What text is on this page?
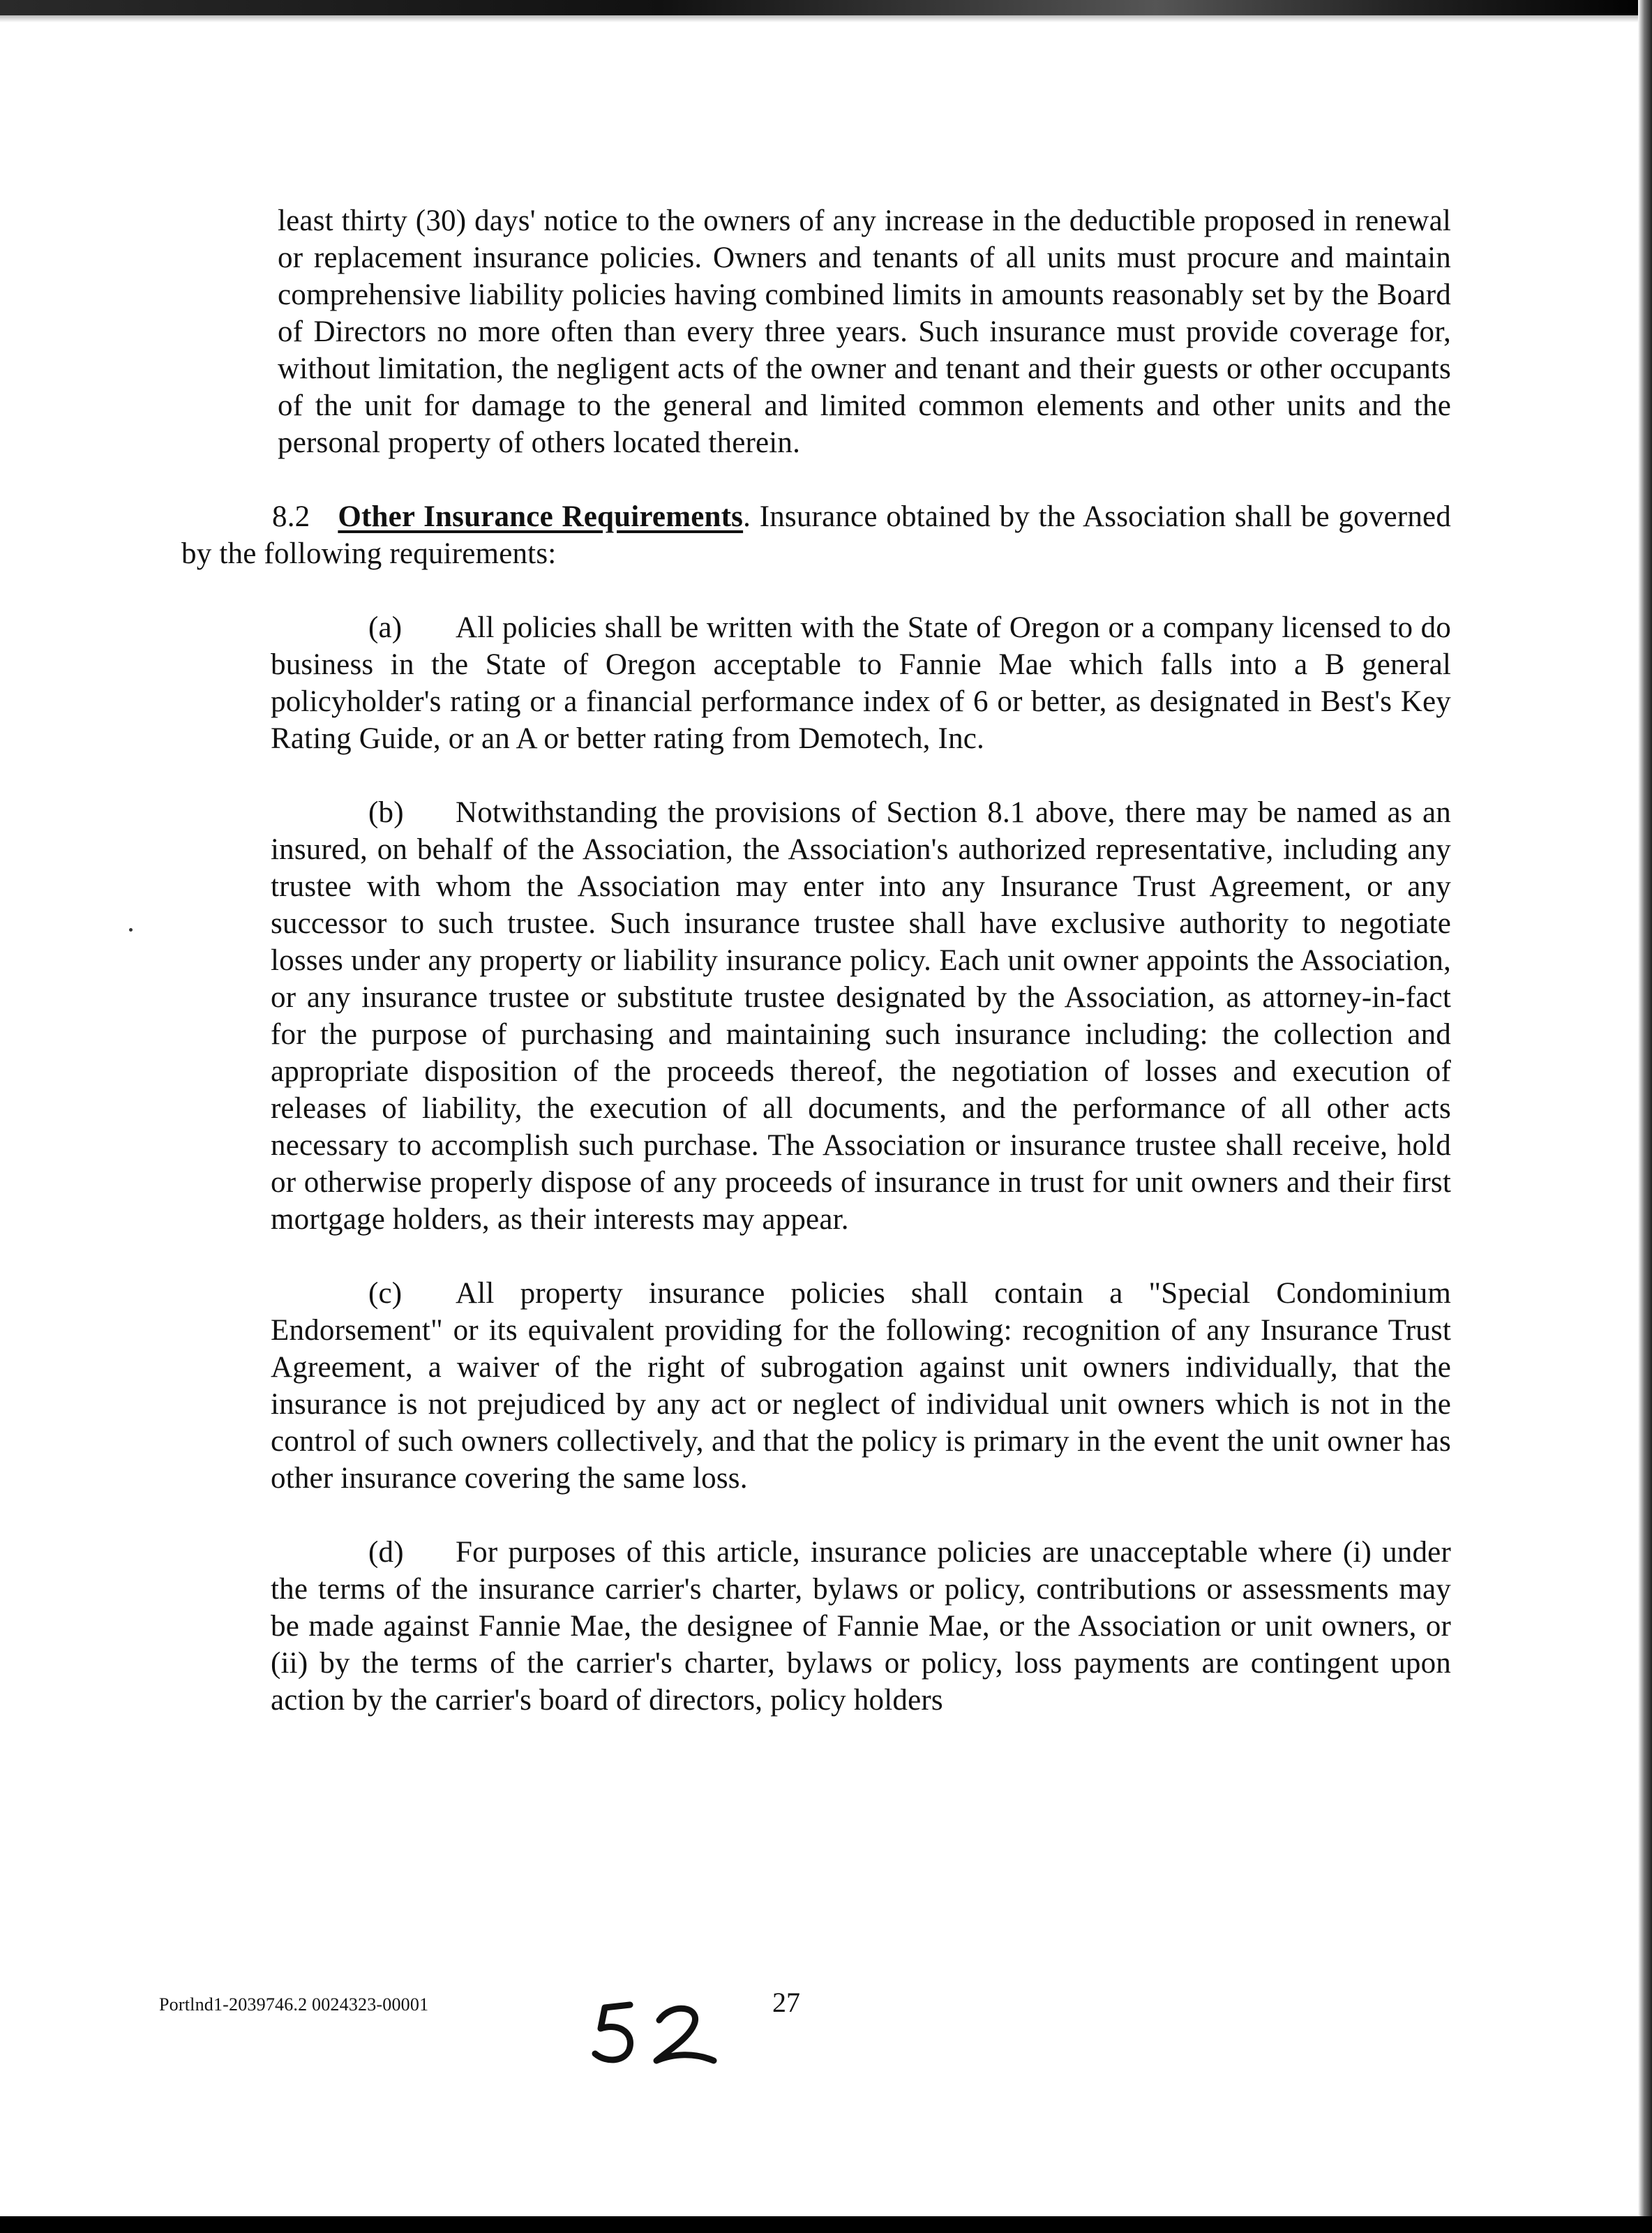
least thirty (30) days' notice to the owners of any increase in the deductible proposed in renewal or replacement insurance policies. Owners and tenants of all units must procure and maintain comprehensive liability policies having combined limits in amounts reasonably set by the Board of Directors no more often than every three years. Such insurance must provide coverage for, without limitation, the negligent acts of the owner and tenant and their guests or other occupants of the unit for damage to the general and limited common elements and other units and the personal property of others located therein.

8.2 Other Insurance Requirements. Insurance obtained by the Association shall be governed by the following requirements:

(a) All policies shall be written with the State of Oregon or a company licensed to do business in the State of Oregon acceptable to Fannie Mae which falls into a B general policyholder's rating or a financial performance index of 6 or better, as designated in Best's Key Rating Guide, or an A or better rating from Demotech, Inc.

(b) Notwithstanding the provisions of Section 8.1 above, there may be named as an insured, on behalf of the Association, the Association's authorized representative, including any trustee with whom the Association may enter into any Insurance Trust Agreement, or any successor to such trustee. Such insurance trustee shall have exclusive authority to negotiate losses under any property or liability insurance policy. Each unit owner appoints the Association, or any insurance trustee or substitute trustee designated by the Association, as attorney-in-fact for the purpose of purchasing and maintaining such insurance including: the collection and appropriate disposition of the proceeds thereof, the negotiation of losses and execution of releases of liability, the execution of all documents, and the performance of all other acts necessary to accomplish such purchase. The Association or insurance trustee shall receive, hold or otherwise properly dispose of any proceeds of insurance in trust for unit owners and their first mortgage holders, as their interests may appear.

(c) All property insurance policies shall contain a "Special Condominium Endorsement" or its equivalent providing for the following: recognition of any Insurance Trust Agreement, a waiver of the right of subrogation against unit owners individually, that the insurance is not prejudiced by any act or neglect of individual unit owners which is not in the control of such owners collectively, and that the policy is primary in the event the unit owner has other insurance covering the same loss.

(d) For purposes of this article, insurance policies are unacceptable where (i) under the terms of the insurance carrier's charter, bylaws or policy, contributions or assessments may be made against Fannie Mae, the designee of Fannie Mae, or the Association or unit owners, or (ii) by the terms of the carrier's charter, bylaws or policy, loss payments are contingent upon action by the carrier's board of directors, policy holders

Portlnd1-2039746.2 0024323-00001	27
